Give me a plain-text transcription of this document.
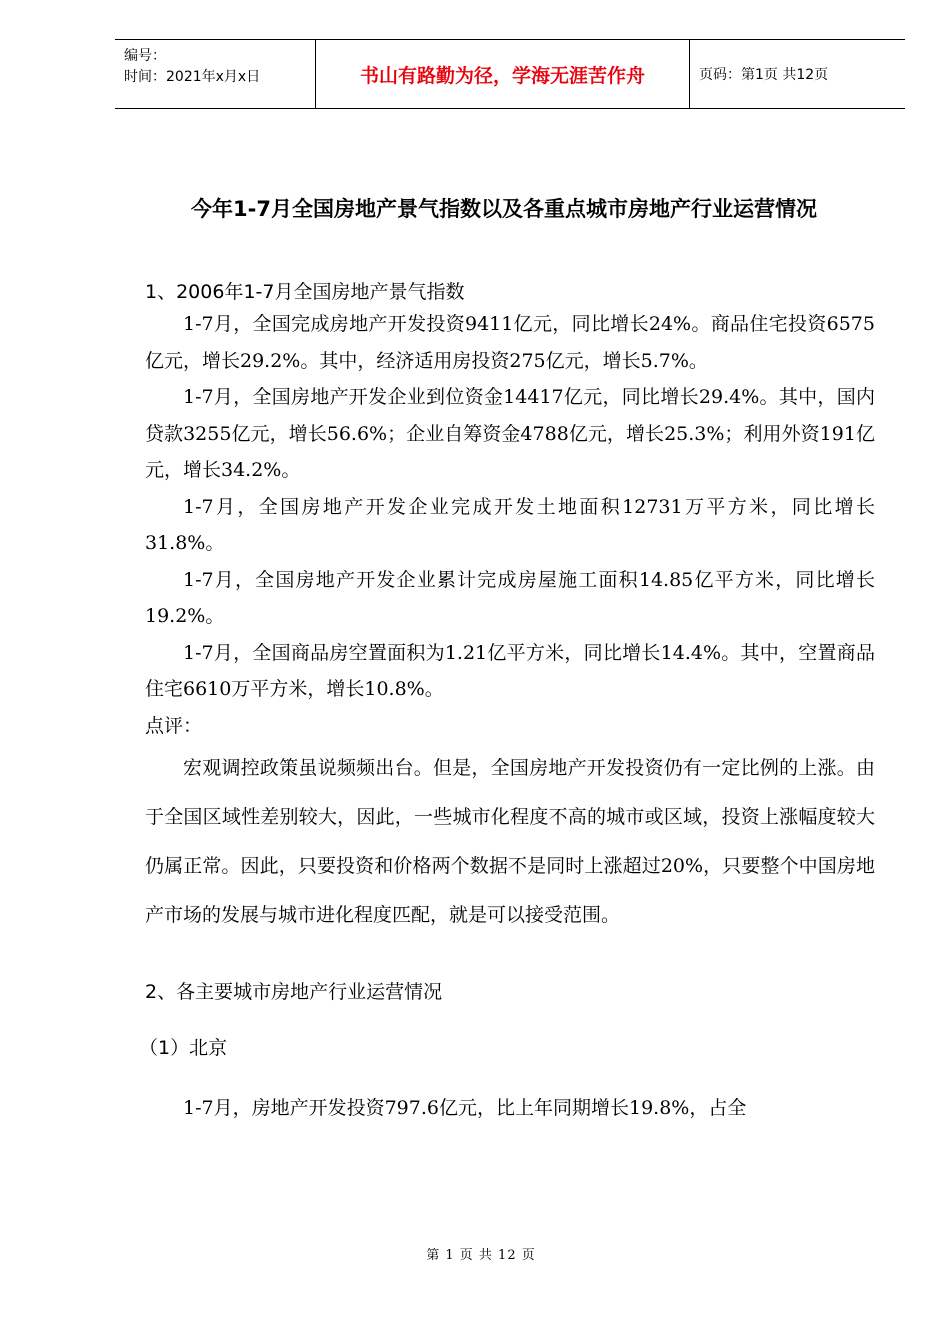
编号：
时间：2021年x月x日	书山有路勤为径，学海无涯苦作舟	页码：第1页 共12页
今年1-7月全国房地产景气指数以及各重点城市房地产行业运营情况

1、2006年1-7月全国房地产景气指数

1-7月，全国完成房地产开发投资9411亿元，同比增长24%。商品住宅投资6575亿元，增长29.2%。其中，经济适用房投资275亿元，增长5.7%。

1-7月，全国房地产开发企业到位资金14417亿元，同比增长29.4%。其中，国内贷款3255亿元，增长56.6%；企业自筹资金4788亿元，增长25.3%；利用外资191亿元，增长34.2%。

1-7月，全国房地产开发企业完成开发土地面积12731万平方米，同比增长31.8%。

1-7月，全国房地产开发企业累计完成房屋施工面积14.85亿平方米，同比增长19.2%。

1-7月，全国商品房空置面积为1.21亿平方米，同比增长14.4%。其中，空置商品住宅6610万平方米，增长10.8%。

点评：

宏观调控政策虽说频频出台。但是，全国房地产开发投资仍有一定比例的上涨。由于全国区域性差别较大，因此，一些城市化程度不高的城市或区域，投资上涨幅度较大仍属正常。因此，只要投资和价格两个数据不是同时上涨超过20%，只要整个中国房地产市场的发展与城市进化程度匹配，就是可以接受范围。

2、各主要城市房地产行业运营情况

（1）北京

1-7月，房地产开发投资797.6亿元，比上年同期增长19.8%，占全

第 1 页 共 12 页
